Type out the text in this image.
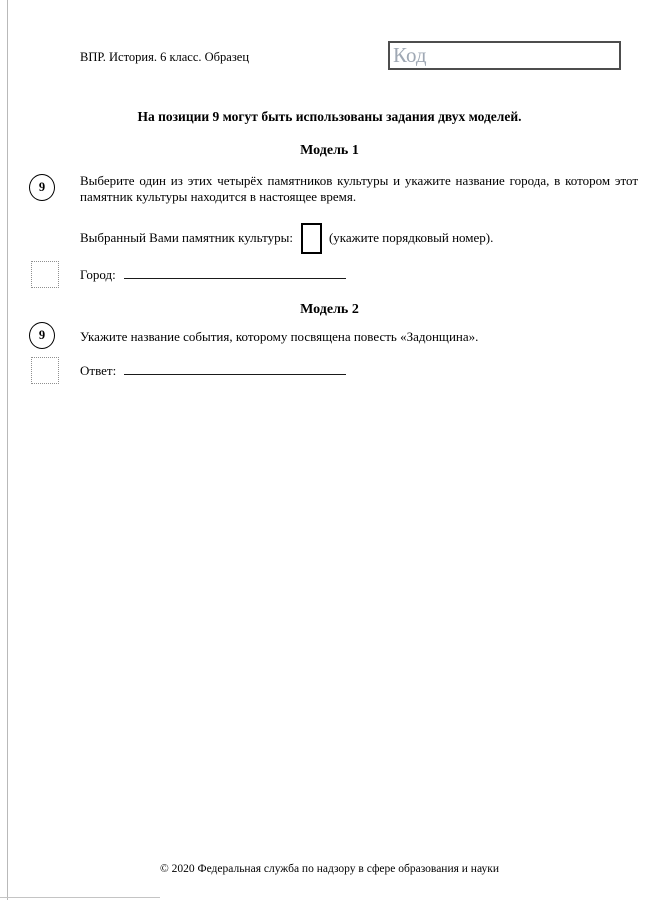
ВПР. История. 6 класс. Образец	Код
На позиции 9 могут быть использованы задания двух моделей.
Модель 1
9	Выберите один из этих четырёх памятников культуры и укажите название города, в котором этот памятник культуры находится в настоящее время.
Выбранный Вами памятник культуры:	(укажите порядковый номер).
Город:
Модель 2
9	Укажите название события, которому посвящена повесть «Задонщина».
Ответ:
© 2020 Федеральная служба по надзору в сфере образования и науки
